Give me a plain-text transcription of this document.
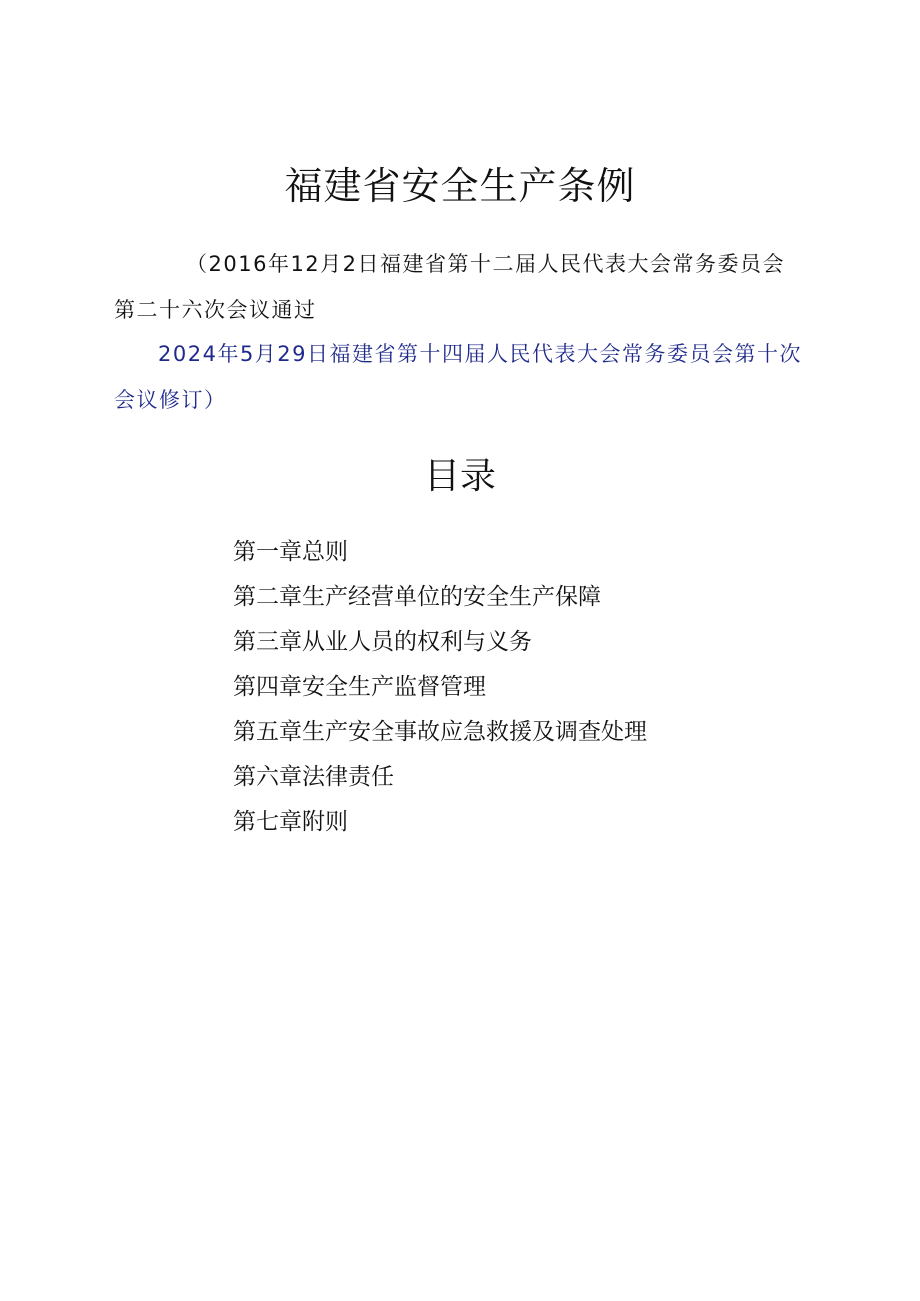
福建省安全生产条例

（2016年12月2日福建省第十二届人民代表大会常务委员会第二十六次会议通过

2024年5月29日福建省第十四届人民代表大会常务委员会第十次会议修订）

目录
第一章总则
第二章生产经营单位的安全生产保障
第三章从业人员的权利与义务
第四章安全生产监督管理
第五章生产安全事故应急救援及调查处理
第六章法律责任
第七章附则
